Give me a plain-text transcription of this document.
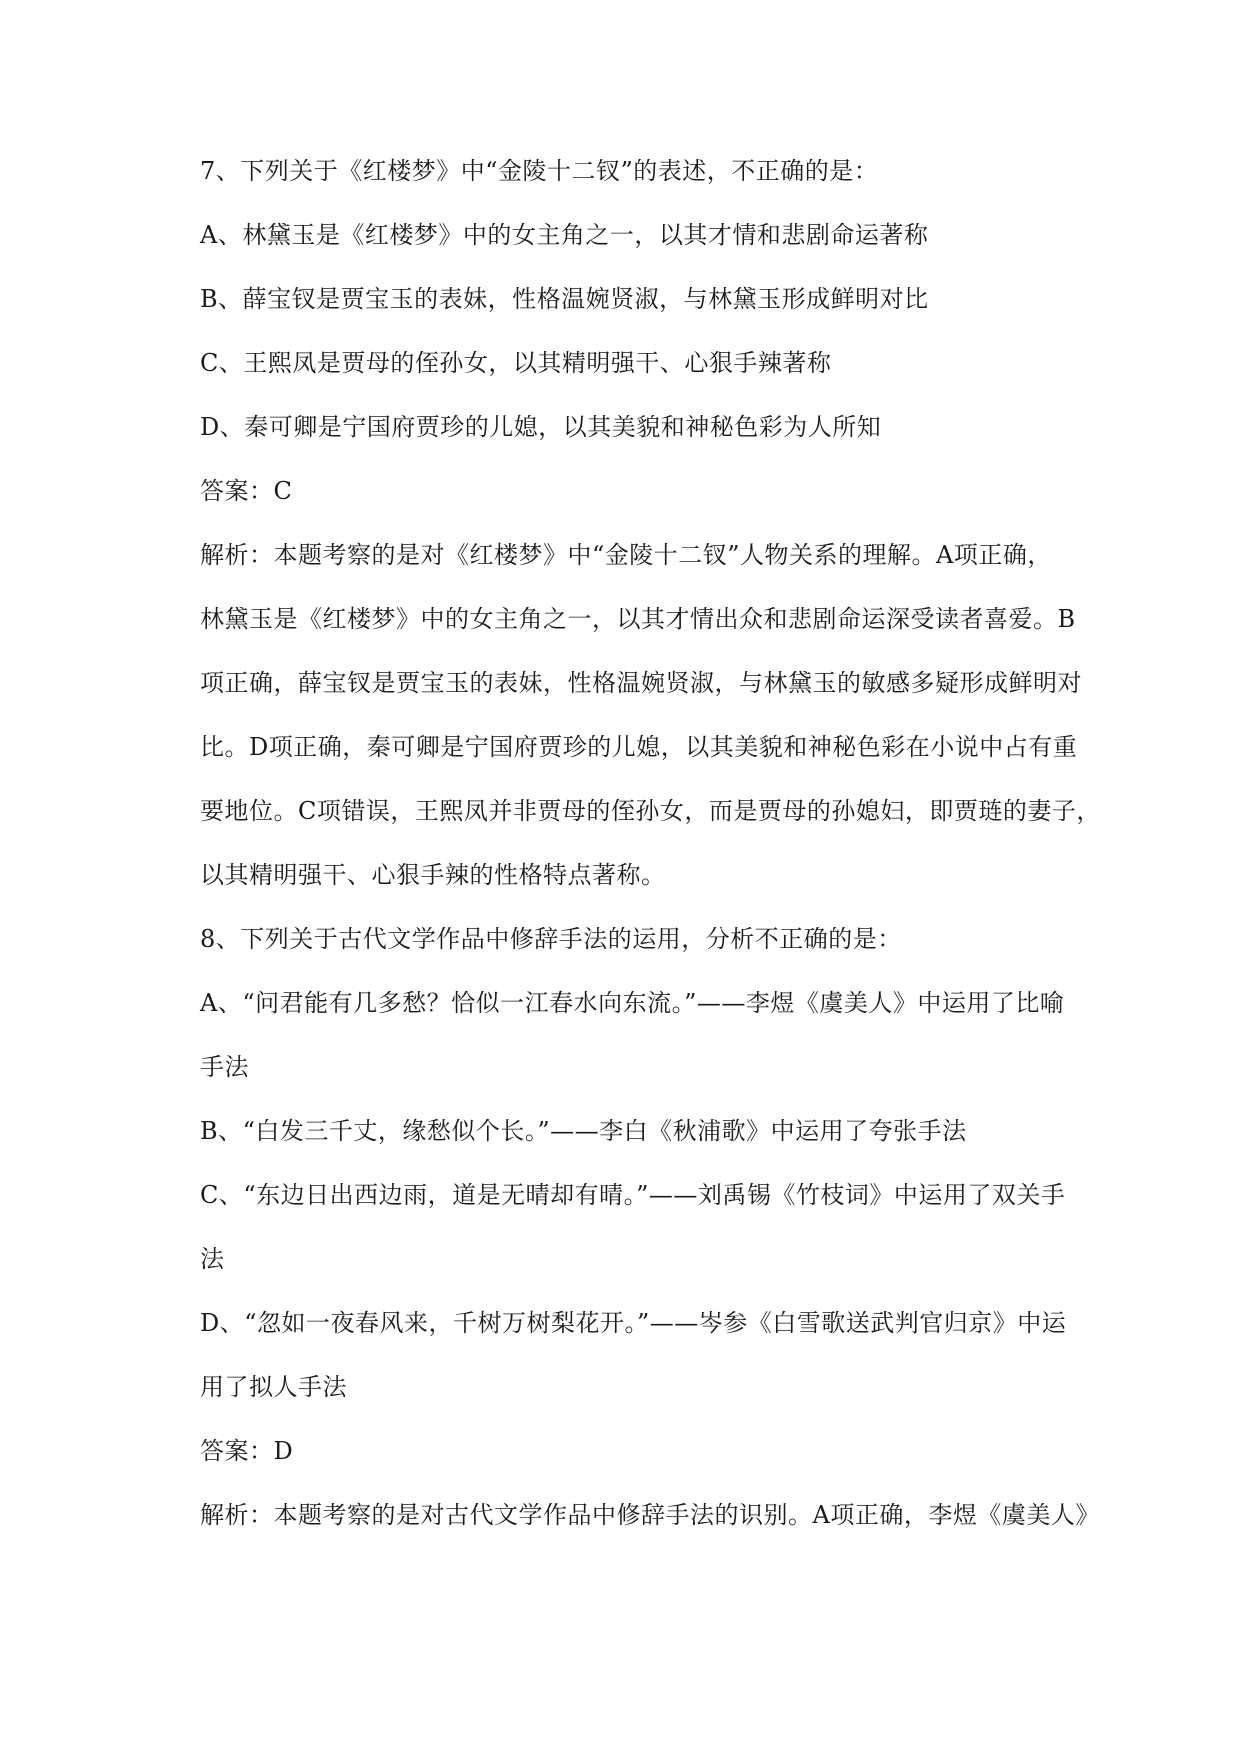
7、下列关于《红楼梦》中“金陵十二钗”的表述，不正确的是：
A、林黛玉是《红楼梦》中的女主角之一，以其才情和悲剧命运著称
B、薛宝钗是贾宝玉的表妹，性格温婉贤淑，与林黛玉形成鲜明对比
C、王熙凤是贾母的侄孙女，以其精明强干、心狠手辣著称
D、秦可卿是宁国府贾珍的儿媳，以其美貌和神秘色彩为人所知
答案：C
解析：本题考察的是对《红楼梦》中“金陵十二钗”人物关系的理解。A项正确，
林黛玉是《红楼梦》中的女主角之一，以其才情出众和悲剧命运深受读者喜爱。B
项正确，薛宝钗是贾宝玉的表妹，性格温婉贤淑，与林黛玉的敏感多疑形成鲜明对
比。D项正确，秦可卿是宁国府贾珍的儿媳，以其美貌和神秘色彩在小说中占有重
要地位。C项错误，王熙凤并非贾母的侄孙女，而是贾母的孙媳妇，即贾琏的妻子，
以其精明强干、心狠手辣的性格特点著称。
8、下列关于古代文学作品中修辞手法的运用，分析不正确的是：
A、“问君能有几多愁？恰似一江春水向东流。”——李煜《虞美人》中运用了比喻
手法
B、“白发三千丈，缘愁似个长。”——李白《秋浦歌》中运用了夸张手法
C、“东边日出西边雨，道是无晴却有晴。”——刘禹锡《竹枝词》中运用了双关手
法
D、“忽如一夜春风来，千树万树梨花开。”——岑参《白雪歌送武判官归京》中运
用了拟人手法
答案：D
解析：本题考察的是对古代文学作品中修辞手法的识别。A项正确，李煜《虞美人》
